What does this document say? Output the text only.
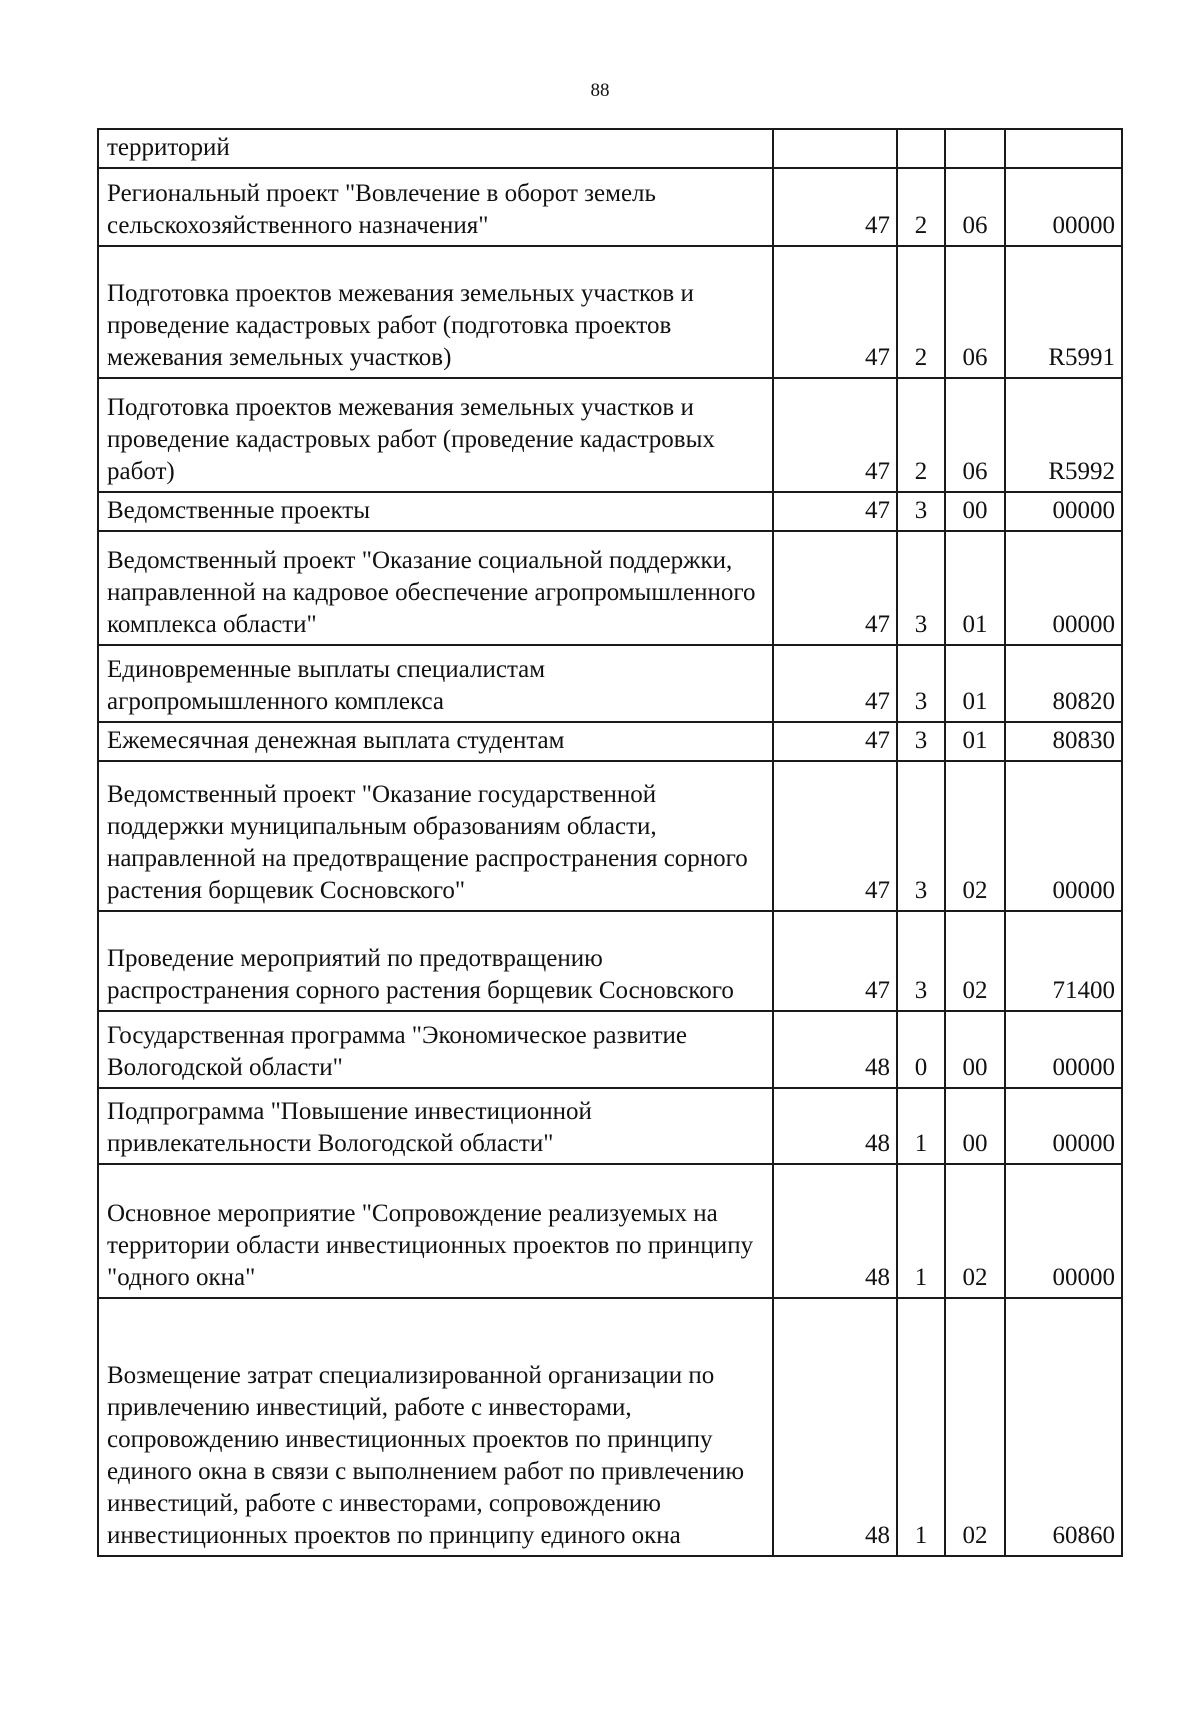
88
территорий				
Региональный проект "Вовлечение в оборот земель сельскохозяйственного назначения"	47	2	06	00000
Подготовка проектов межевания земельных участков и проведение кадастровых работ (подготовка проектов межевания земельных участков)	47	2	06	R5991
Подготовка проектов межевания земельных участков и проведение кадастровых работ (проведение кадастровых работ)	47	2	06	R5992
Ведомственные проекты	47	3	00	00000
Ведомственный проект "Оказание социальной поддержки, направленной на кадровое обеспечение агропромышленного комплекса области"	47	3	01	00000
Единовременные выплаты специалистам агропромышленного комплекса	47	3	01	80820
Ежемесячная денежная выплата студентам	47	3	01	80830
Ведомственный проект "Оказание государственной поддержки муниципальным образованиям области, направленной на предотвращение распространения сорного растения борщевик Сосновского"	47	3	02	00000
Проведение мероприятий по предотвращению распространения сорного растения борщевик Сосновского	47	3	02	71400
Государственная программа "Экономическое развитие Вологодской области"	48	0	00	00000
Подпрограмма "Повышение инвестиционной привлекательности Вологодской области"	48	1	00	00000
Основное мероприятие "Сопровождение реализуемых на территории области инвестиционных проектов по принципу "одного окна"	48	1	02	00000
Возмещение затрат специализированной организации по привлечению инвестиций, работе с инвесторами, сопровождению инвестиционных проектов по принципу единого окна в связи с выполнением работ по привлечению инвестиций, работе с инвесторами, сопровождению инвестиционных проектов по принципу единого окна	48	1	02	60860
